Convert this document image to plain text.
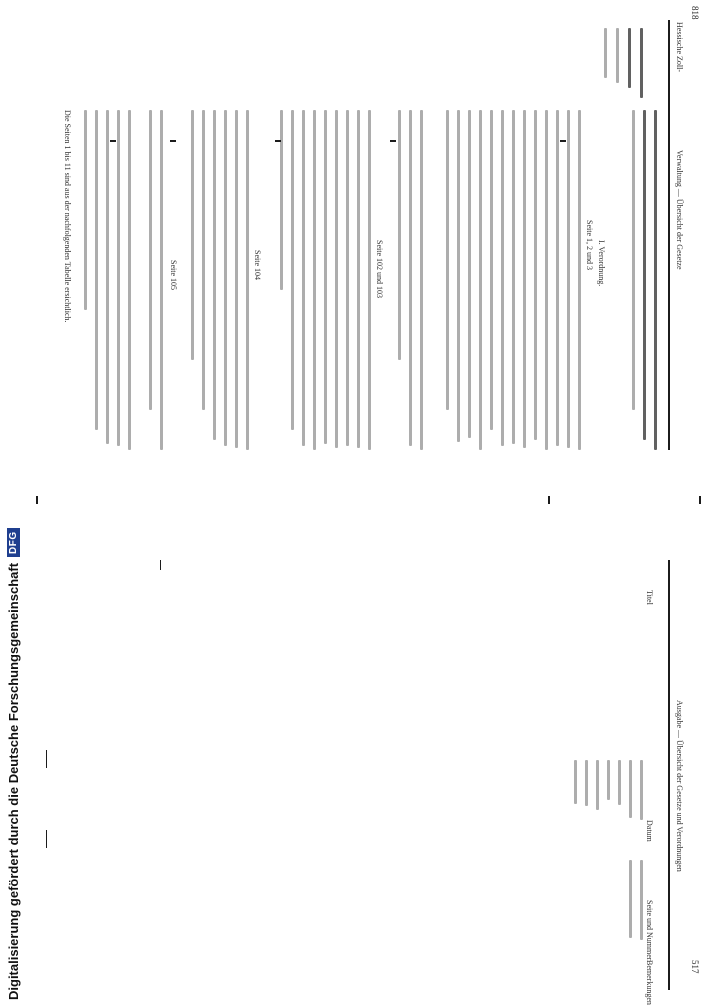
818
Hessische Zoll-
Verwaltung — Übersicht der Gesetze
I. Verordnung.
Seite 1, 2 und 3
Seite 102 und 103
Seite 104
Seite 105
Die Seiten 1 bis 11 sind aus der nachfolgenden Tabelle ersichtlich.
Ausgabe — Übersicht der Gesetze und Verordnungen
Titel
Datum
Seite und Nummer
Bemerkungen	517
Digitalisierung gefördert durch die Deutsche Forschungsgemeinschaft
DFG
